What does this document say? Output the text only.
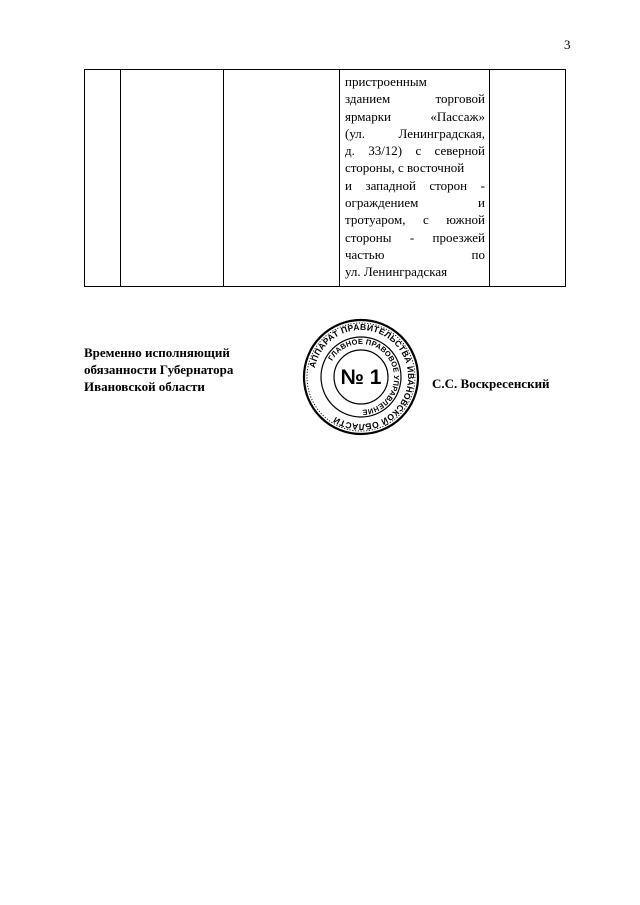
3

пристроенным
зданием	торговой
ярмарки	«Пассаж»
(ул.	Ленинградская,
д. 33/12) с северной
стороны, с восточной
и западной сторон -
ограждением	и
тротуаром, с южной
стороны - проезжей
частью	по
ул. Ленинградская

Временно исполняющий
обязанности Губернатора
Ивановской области
АППАРАТ ПРАВИТЕЛЬСТВА ИВАНОВСКОЙ ОБЛАСТИ
ГЛАВНОЕ ПРАВОВОЕ УПРАВЛЕНИЕ
№ 1	С.С. Воскресенский
